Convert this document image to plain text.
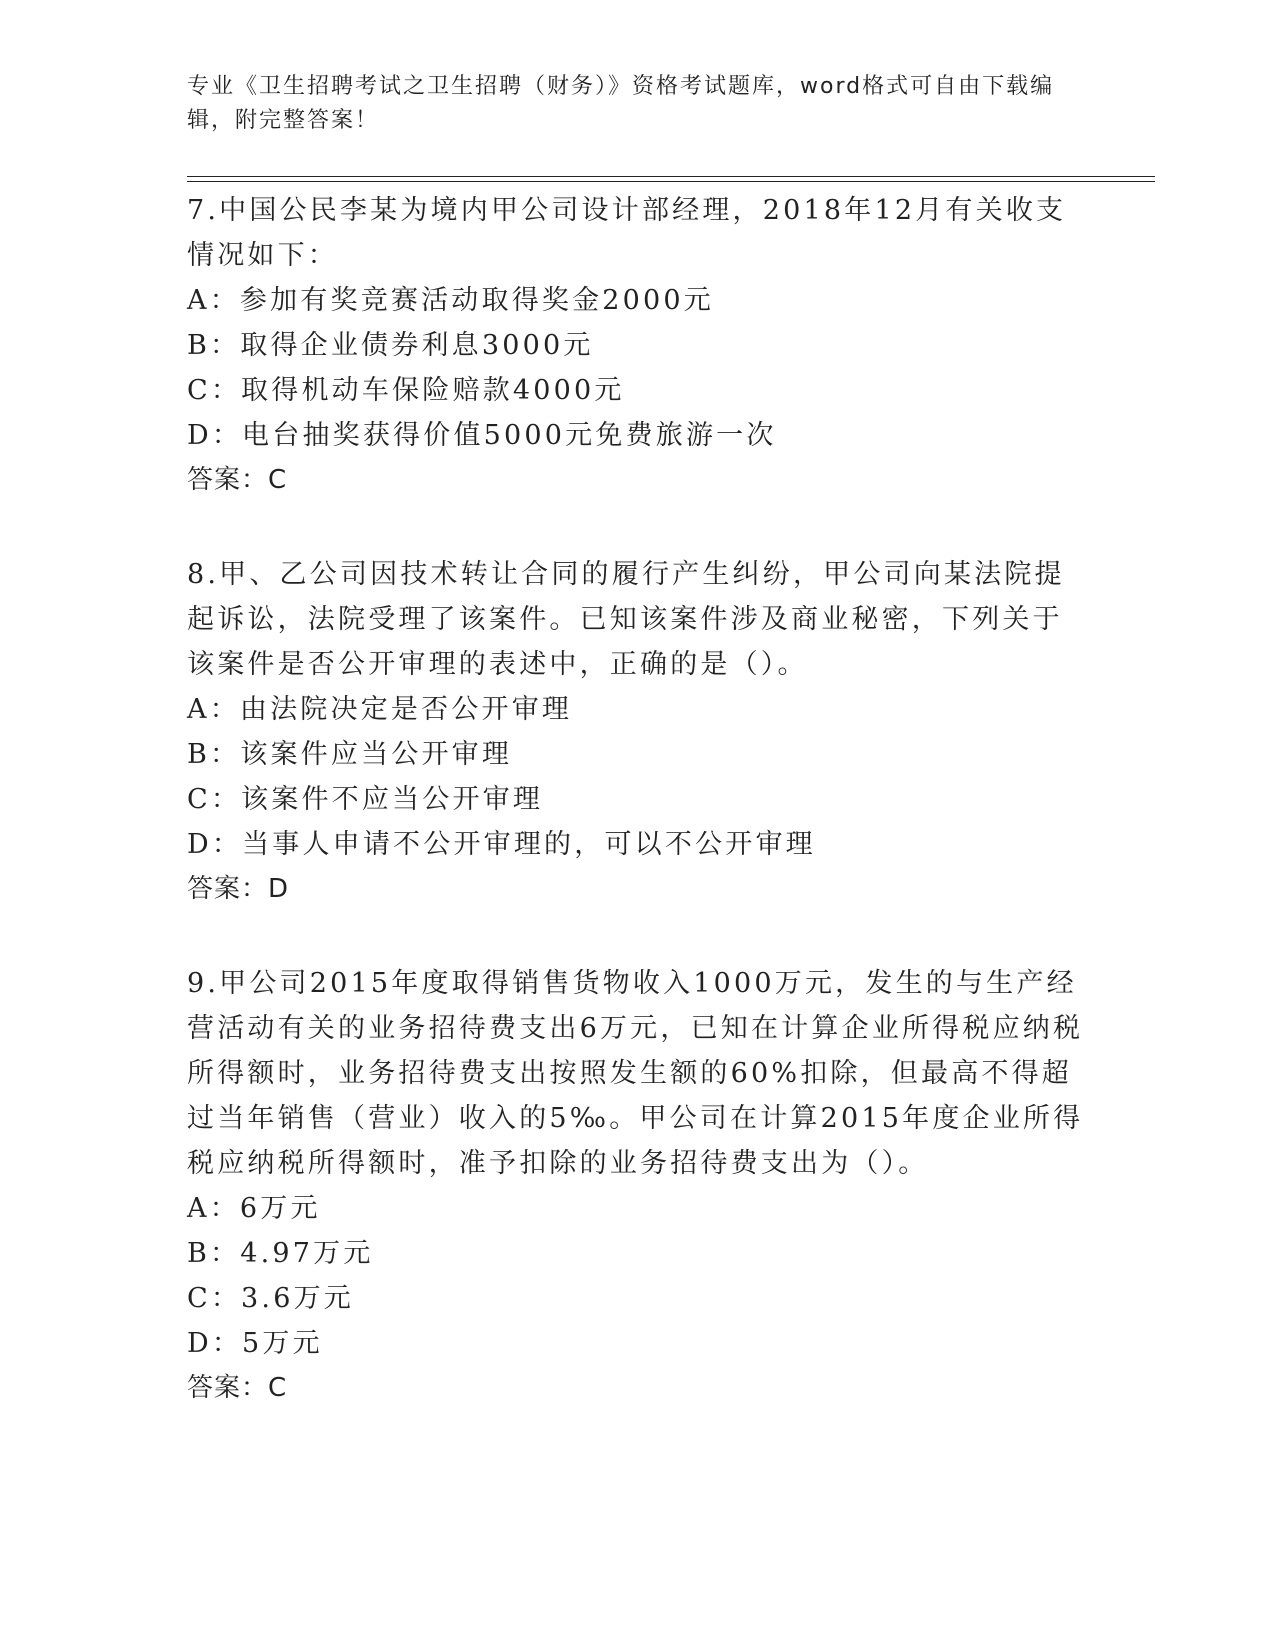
专业《卫生招聘考试之卫生招聘（财务）》资格考试题库，word格式可自由下载编辑，附完整答案！
7.中国公民李某为境内甲公司设计部经理，2018年12月有关收支情况如下：
A：参加有奖竞赛活动取得奖金2000元
B：取得企业债券利息3000元
C：取得机动车保险赔款4000元
D：电台抽奖获得价值5000元免费旅游一次
答案：C
8.甲、乙公司因技术转让合同的履行产生纠纷，甲公司向某法院提起诉讼，法院受理了该案件。已知该案件涉及商业秘密，下列关于该案件是否公开审理的表述中，正确的是（）。
A：由法院决定是否公开审理
B：该案件应当公开审理
C：该案件不应当公开审理
D：当事人申请不公开审理的，可以不公开审理
答案：D
9.甲公司2015年度取得销售货物收入1000万元，发生的与生产经营活动有关的业务招待费支出6万元，已知在计算企业所得税应纳税所得额时，业务招待费支出按照发生额的60%扣除，但最高不得超过当年销售（营业）收入的5‰。甲公司在计算2015年度企业所得税应纳税所得额时，准予扣除的业务招待费支出为（）。
A：6万元
B：4.97万元
C：3.6万元
D：5万元
答案：C
